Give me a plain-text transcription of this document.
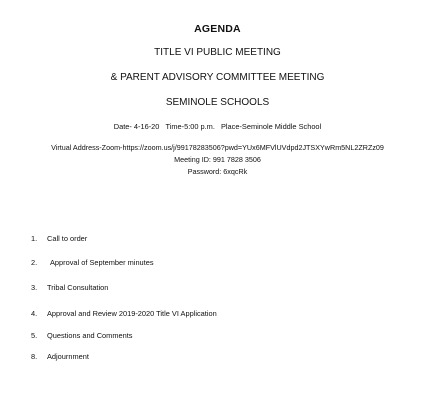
AGENDA
TITLE VI PUBLIC MEETING
& PARENT ADVISORY COMMITTEE MEETING
SEMINOLE SCHOOLS
Date- 4-16-20 Time-5:00 p.m. Place-Seminole Middle School
Virtual Address-Zoom-https://zoom.us/j/99178283506?pwd=YUx6MFVlUVdpd2JTSXYwRm5NL2ZRZz09
Meeting ID: 991 7828 3506
Password: 6xqcRk
1. Call to order
2. Approval of September minutes
3. Tribal Consultation
4. Approval and Review 2019-2020 Title VI Application
5. Questions and Comments
8. Adjournment
